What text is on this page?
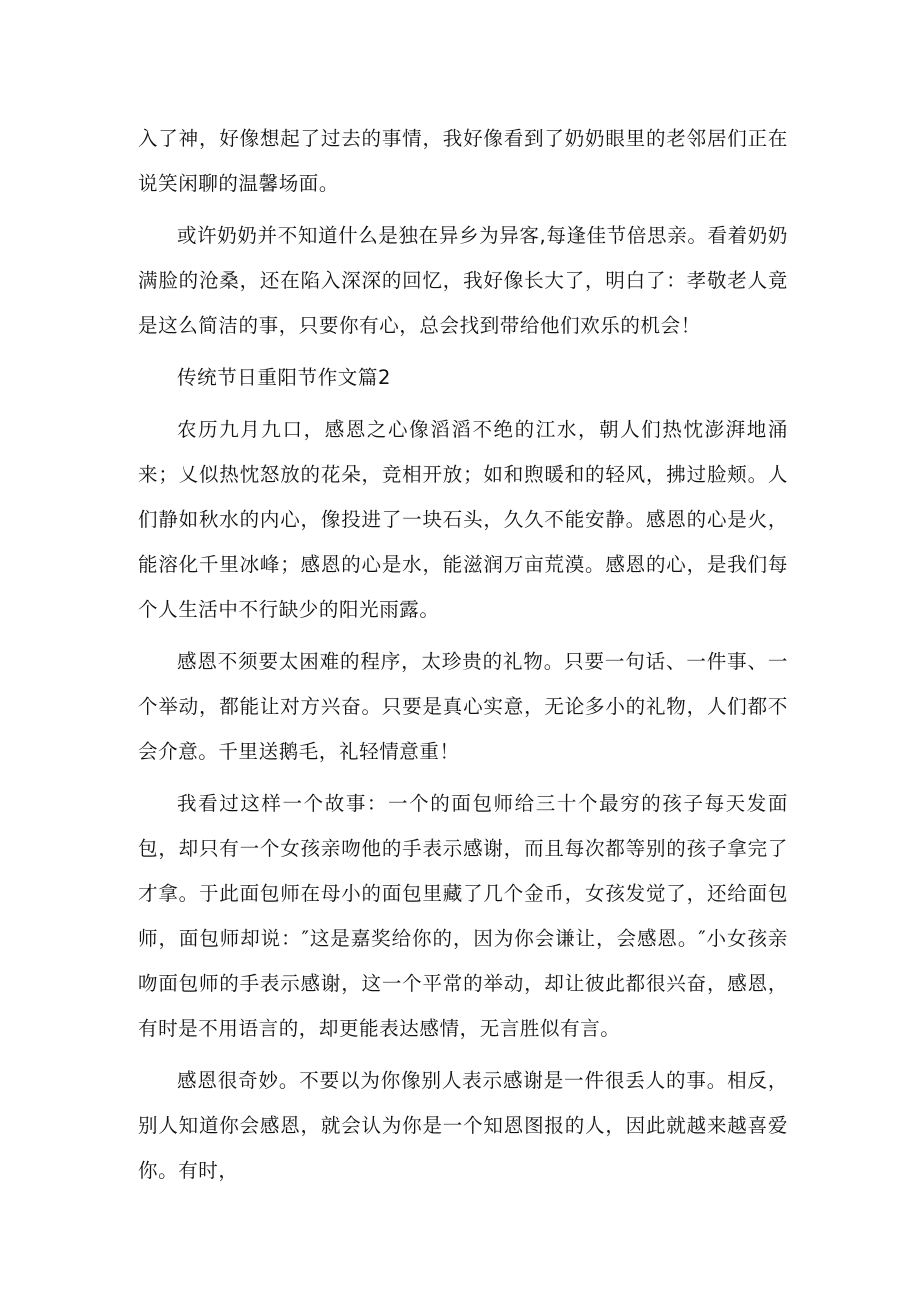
入了神，好像想起了过去的事情，我好像看到了奶奶眼里的老邻居们正在说笑闲聊的温馨场面。

或许奶奶并不知道什么是独在异乡为异客,每逢佳节倍思亲。看着奶奶满脸的沧桑，还在陷入深深的回忆，我好像长大了，明白了：孝敬老人竟是这么简洁的事，只要你有心，总会找到带给他们欢乐的机会！

传统节日重阳节作文篇2

农历九月九口，感恩之心像滔滔不绝的江水，朝人们热忱澎湃地涌来；乂似热忱怒放的花朵，竞相开放；如和煦暖和的轻风，拂过脸颊。人们静如秋水的内心，像投进了一块石头，久久不能安静。感恩的心是火，能溶化千里冰峰；感恩的心是水，能滋润万亩荒漠。感恩的心，是我们每个人生活中不行缺少的阳光雨露。

感恩不须要太困难的程序，太珍贵的礼物。只要一句话、一件事、一个举动，都能让对方兴奋。只要是真心实意，无论多小的礼物，人们都不会介意。千里送鹅毛，礼轻情意重！

我看过这样一个故事：一个的面包师给三十个最穷的孩子每天发面包，却只有一个女孩亲吻他的手表示感谢，而且每次都等别的孩子拿完了才拿。于此面包师在母小的面包里藏了几个金币，女孩发觉了，还给面包师，面包师却说：″这是嘉奖给你的，因为你会谦让，会感恩。″小女孩亲吻面包师的手表示感谢，这一个平常的举动，却让彼此都很兴奋，感恩，有时是不用语言的，却更能表达感情，无言胜似有言。

感恩很奇妙。不要以为你像别人表示感谢是一件很丢人的事。相反，别人知道你会感恩，就会认为你是一个知恩图报的人，因此就越来越喜爱你。有时，
